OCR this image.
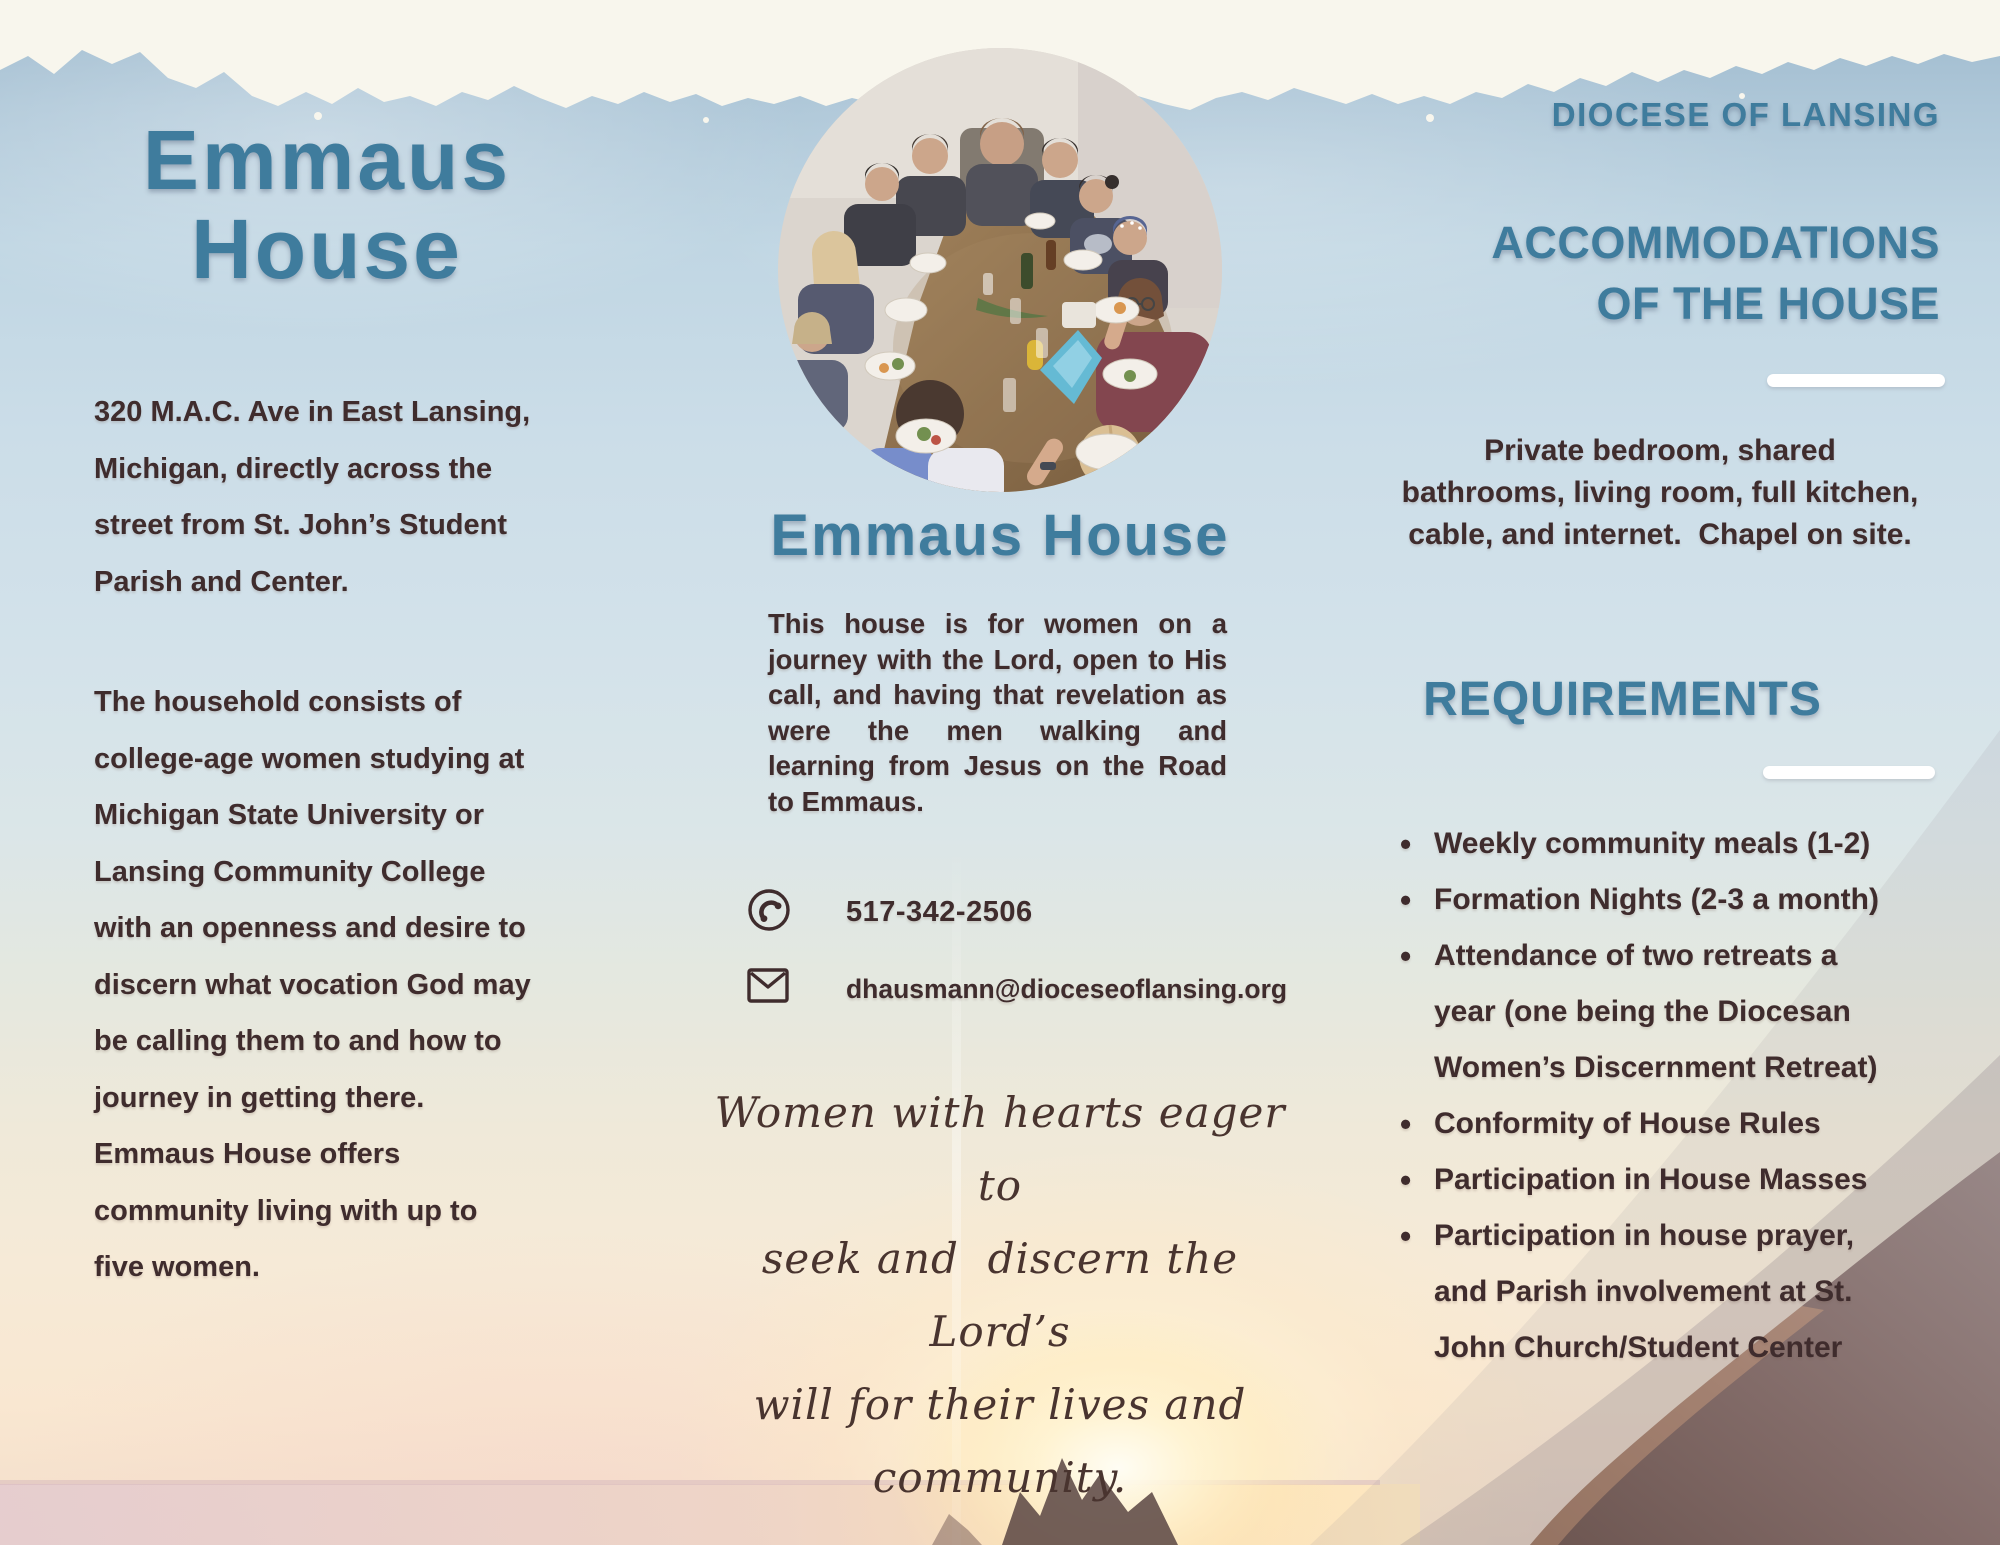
Emmaus
House
320 M.A.C. Ave in East Lansing,
Michigan, directly across the
street from St. John’s Student
Parish and Center.
The household consists of
college-age women studying at
Michigan State University or
Lansing Community College
with an openness and desire to
discern what vocation God may
be calling them to and how to
journey in getting there.
Emmaus House offers
community living with up to
five women.
Emmaus House
This house is for women on a
journey with the Lord, open to His
call, and having that revelation as
were the men walking and
learning from Jesus on the Road
to Emmaus.
517-342-2506
dhausmann@dioceseoflansing.org
Women with hearts eager to
seek and  discern the Lord’s
will for their lives and
community.
DIOCESE OF LANSING
ACCOMMODATIONS
OF THE HOUSE
Private bedroom, shared
bathrooms, living room, full kitchen,
cable, and internet.  Chapel on site.
REQUIREMENTS
• Weekly community meals (1-2)
• Formation Nights (2-3 a month)
• Attendance of two retreats a year (one being the Diocesan Women’s Discernment Retreat)
• Conformity of House Rules
• Participation in House Masses
• Participation in house prayer, and Parish involvement at St. John Church/Student Center
